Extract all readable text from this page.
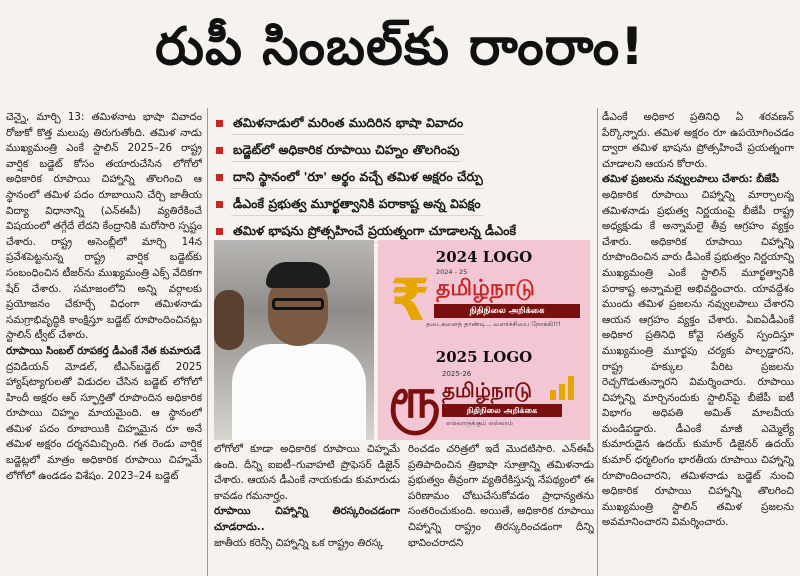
రుపీ సింబల్‌కు రాంరాం!

చెన్నై, మార్చి 13: తమిళనాట భాషా వివాదం రోజుకో కొత్త మలుపు తిరుగుతోంది. తమిళ నాడు ముఖ్యమంత్రి ఎంకే స్టాలిన్ 2025–26 రాష్ట్ర వార్షిక బడ్జెట్ కోసం తయారుచేసిన లోగోలో అధికారిక రూపాయి చిహ్నాన్ని తొలగించి ఆ స్థానంలో తమిళ పదం రూబాయిని చేర్చి జాతీయ విద్యా విధానాన్ని (ఎన్‌ఈపీ) వ్యతిరేకించే విషయంలో తగ్గేదే లేదని కేంద్రానికి మరోసారి స్పష్టం చేశారు. రాష్ట్ర అసెంబ్లీలో మార్చి 14న ప్రవేశపెట్టనున్న రాష్ట్ర వార్షిక బడ్జెట్‌కు సంబంధించిన టీజర్‌ను ముఖ్యమంత్రి ఎక్స్ వేదికగా షేర్ చేశారు. సమాజంలోని అన్ని వర్గాలకు ప్రయోజనం చేకూర్చే విధంగా తమిళనాడు సమగ్రాభివృద్ధికి కాంక్షిస్తూ బడ్జెట్ రూపొందించినట్లు స్టాలిన్ ట్వీట్ చేశారు.

రూపాయి సింబల్ రూపకర్త డీఎంకే నేత కుమారుడే

ద్రవిడియన్ మోడల్, టీఎన్‌బడ్జెట్ 2025 హ్యాష్‌ట్యాగులతో విడుదల చేసిన బడ్జెట్ లోగోలో హిందీ అక్షరం ఆర్ స్ఫూర్తితో రూపొందిన అధికారిక రూపాయి చిహ్నం మాయమైంది. ఆ స్థానంలో తమిళ పదం రూబాయికి చిహ్నమైన రూ అనే తమిళ అక్షరం దర్శనమిచ్చింది. గత రెండు వార్షిక బడ్జెట్లలో మాత్రం అధికారిక రూపాయి చిహ్నమే లోగోలో ఉండడం విశేషం. 2023–24 బడ్జెట్

తమిళనాడులో మరింత ముదిరిన భాషా వివాదం
బడ్జెట్‌లో అధికారిక రూపాయి చిహ్నం తొలగింపు
దాని స్థానంలో 'రూ' అర్థం వచ్చే తమిళ అక్షరం చేర్పు
డీఎంకే ప్రభుత్వ మూర్ఖత్వానికి పరాకాష్ట అన్న విపక్షం
తమిళ భాషను ప్రోత్సహించే ప్రయత్నంగా చూడాలన్న డీఎంకే
2024 LOGO
₹ 2024 - 25
தமிழ்நாடு
நிதிநிலை அறிக்கை
தடைகளைத் தாண்டி... வளர்ச்சியை நோக்கி!!!
2025 LOGO
ரூ 2025-26
தமிழ்நாடு
நிதிநிலை அறிக்கை
எல்லாருக்கும் எல்லாம்

లోగోలో కూడా అధికారిక రూపాయి చిహ్నమే ఉంది. దీన్ని ఐఐటీ–గువాహటి ప్రొఫెసర్ డిజైన్ చేశారు. ఆయన డీఎంకే నాయకుడు కుమారుడు కావడం గమనార్హం.

రూపాయి చిహ్నాన్ని తిరస్కరించడంగా చూడరాదు..

జాతీయ కరెన్సీ చిహ్నాన్ని ఒక రాష్ట్రం తిరస్క

రించడం చరిత్రలో ఇదే మొదటిసారి. ఎన్ఈపీ ప్రతిపాదించిన త్రిభాషా సూత్రాన్ని తమిళనాడు ప్రభుత్వం తీవ్రంగా వ్యతిరేకిస్తున్న నేపథ్యంలో ఈ పరిణామం చోటుచేసుకోవడం ప్రాధాన్యతను సంతరించుకుంది. అయితే, అధికారిక రూపాయి చిహ్నాన్ని రాష్ట్రం తిరస్కరించడంగా దీన్ని భావించరాదని

డీఎంకే అధికార ప్రతినిధి ఏ శరవణన్ పేర్కొన్నారు. తమిళ అక్షరం రూ ఉపయోగించడం ద్వారా తమిళ భాషను ప్రోత్సహించే ప్రయత్నంగా చూడాలని ఆయన కోరారు.

తమిళ ప్రజలను నవ్వులపాలు చేశారు: బీజేపీ

అధికారిక రూపాయి చిహ్నాన్ని మార్చాలన్న తమిళనాడు ప్రభుత్వ నిర్ణయంపై బీజేపీ రాష్ట్ర అధ్యక్షుడు కే అన్నామలై తీవ్ర ఆగ్రహం వ్యక్తం చేశారు. అధికారిక రూపాయి చిహ్నాన్ని రూపొందించిన వారు డీఎంకే ప్రభుత్వం నిర్ణయాన్ని ముఖ్యమంత్రి ఎంకే స్టాలిన్ మూర్ఖత్వానికి పరాకాష్ట అన్నామలై అభివర్ణించారు. యావద్దేశం ముందు తమిళ ప్రజలను నవ్వులపాలు చేశారని ఆయన ఆగ్రహం వ్యక్తం చేశారు. ఏఐఏడీఎంకే అధికార ప్రతినిధి కోవై సత్యన్ స్పందిస్తూ ముఖ్యమంత్రి మూర్ఖపు చర్యకు పాల్పడ్డారని, రాష్ట్ర హక్కుల పేరిట ప్రజలను రెచ్చగొడుతున్నారని విమర్శించారు. రూపాయి చిహ్నాన్ని మార్చినందుకు స్టాలిన్‌పై బీజేపీ ఐటీ విభాగం అధిపతి అమిత్ మాలవీయ మండిపడ్డారు. డీఎంకే మాజీ ఎమ్మెల్యే కుమారుడైన ఉదయ్ కుమార్ డిజైనర్ ఉదయ్ కుమార్ ధర్మలింగం భారతీయ రూపాయి చిహ్నాన్ని రూపొందించారని, తమిళనాడు బడ్జెట్ నుంచి అధికారిక రూపాయి చిహ్నాన్ని తొలగించి ముఖ్యమంత్రి స్టాలిన్ తమిళ ప్రజలను అవమానించారని విమర్శించారు.
